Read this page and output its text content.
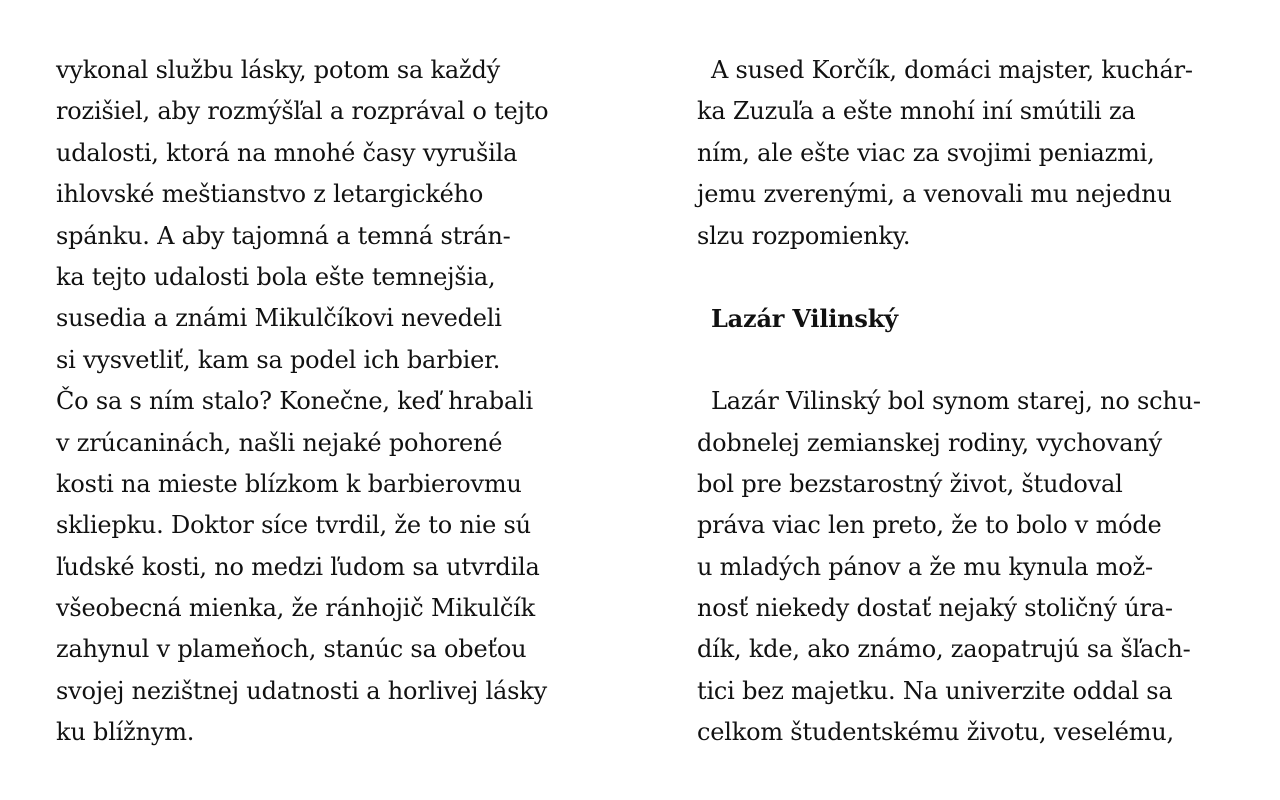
vykonal službu lásky, potom sa každý
rozišiel, aby rozmýšľal a rozprával o tejto
udalosti, ktorá na mnohé časy vyrušila
ihlovské meštianstvo z letargického
spánku. A aby tajomná a temná strán-
ka tejto udalosti bola ešte temnejšia,
susedia a známi Mikulčíkovi nevedeli
si vysvetliť, kam sa podel ich barbier.
Čo sa s ním stalo? Konečne, keď hrabali
v zrúcaninách, našli nejaké pohorené
kosti na mieste blízkom k barbierovmu
skliepku. Doktor síce tvrdil, že to nie sú
ľudské kosti, no medzi ľudom sa utvrdila
všeobecná mienka, že ránhojič Mikulčík
zahynul v plameňoch, stanúc sa obeťou
svojej nezištnej udatnosti a horlivej lásky
ku blížnym.
A sused Korčík, domáci majster, kuchár-
ka Zuzuľa a ešte mnohí iní smútili za
ním, ale ešte viac za svojimi peniazmi,
jemu zverenými, a venovali mu nejednu
slzu rozpomienky.
Lazár Vilinský
Lazár Vilinský bol synom starej, no schu-
dobnelej zemianskej rodiny, vychovaný
bol pre bezstarostný život, študoval
práva viac len preto, že to bolo v móde
u mladých pánov a že mu kynula mož-
nosť niekedy dostať nejaký stoličný úra-
dík, kde, ako známo, zaopatrujú sa šľach-
tici bez majetku. Na univerzite oddal sa
celkom študentskému životu, veselému,
